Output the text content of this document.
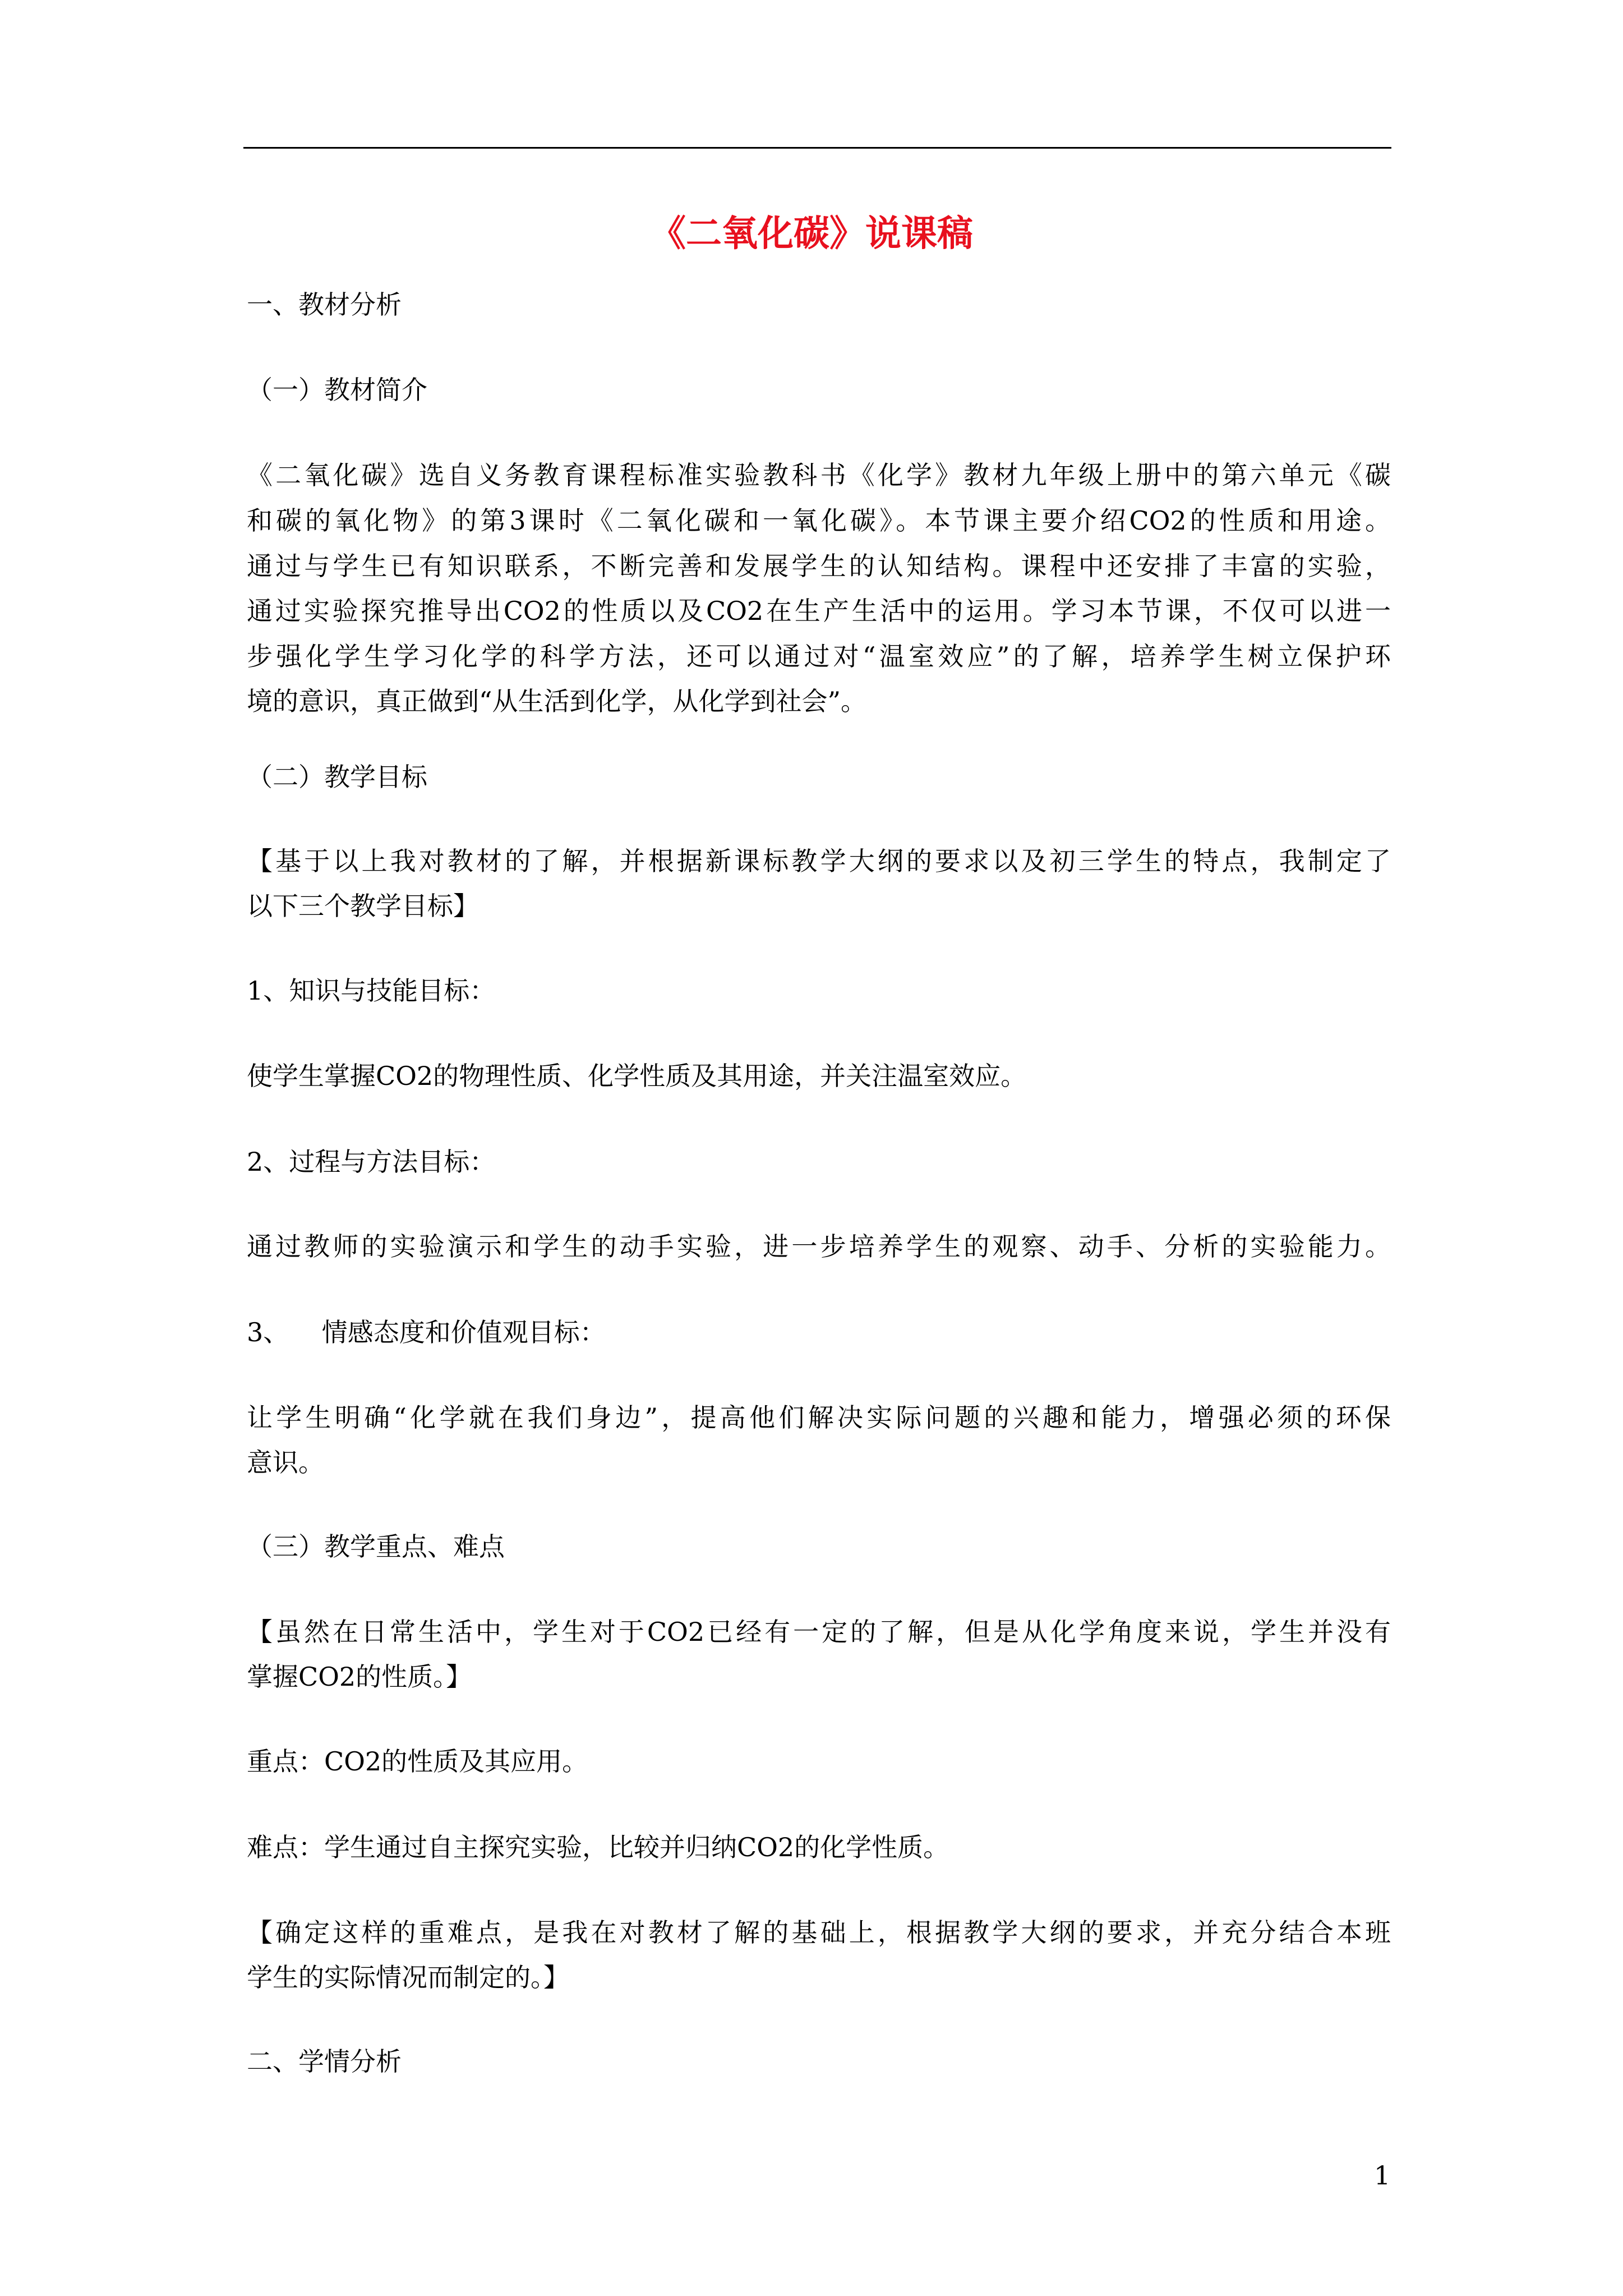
《二氧化碳》说课稿
一、教材分析
（一）教材简介
《二氧化碳》选自义务教育课程标准实验教科书《化学》教材九年级上册中的第六单元《碳
和碳的氧化物》的第3课时《二氧化碳和一氧化碳》。本节课主要介绍CO2的性质和用途。
通过与学生已有知识联系，不断完善和发展学生的认知结构。课程中还安排了丰富的实验，
通过实验探究推导出CO2的性质以及CO2在生产生活中的运用。学习本节课，不仅可以进一
步强化学生学习化学的科学方法，还可以通过对“温室效应”的了解，培养学生树立保护环
境的意识，真正做到“从生活到化学，从化学到社会”。
（二）教学目标
【基于以上我对教材的了解，并根据新课标教学大纲的要求以及初三学生的特点，我制定了
以下三个教学目标】
1、知识与技能目标：
使学生掌握CO2的物理性质、化学性质及其用途，并关注温室效应。
2、过程与方法目标：
通过教师的实验演示和学生的动手实验，进一步培养学生的观察、动手、分析的实验能力。
3、    情感态度和价值观目标：
让学生明确“化学就在我们身边”，提高他们解决实际问题的兴趣和能力，增强必须的环保
意识。
（三）教学重点、难点
【虽然在日常生活中，学生对于CO2已经有一定的了解，但是从化学角度来说，学生并没有
掌握CO2的性质。】
重点：CO2的性质及其应用。
难点：学生通过自主探究实验，比较并归纳CO2的化学性质。
【确定这样的重难点，是我在对教材了解的基础上，根据教学大纲的要求，并充分结合本班
学生的实际情况而制定的。】
二、学情分析
1
